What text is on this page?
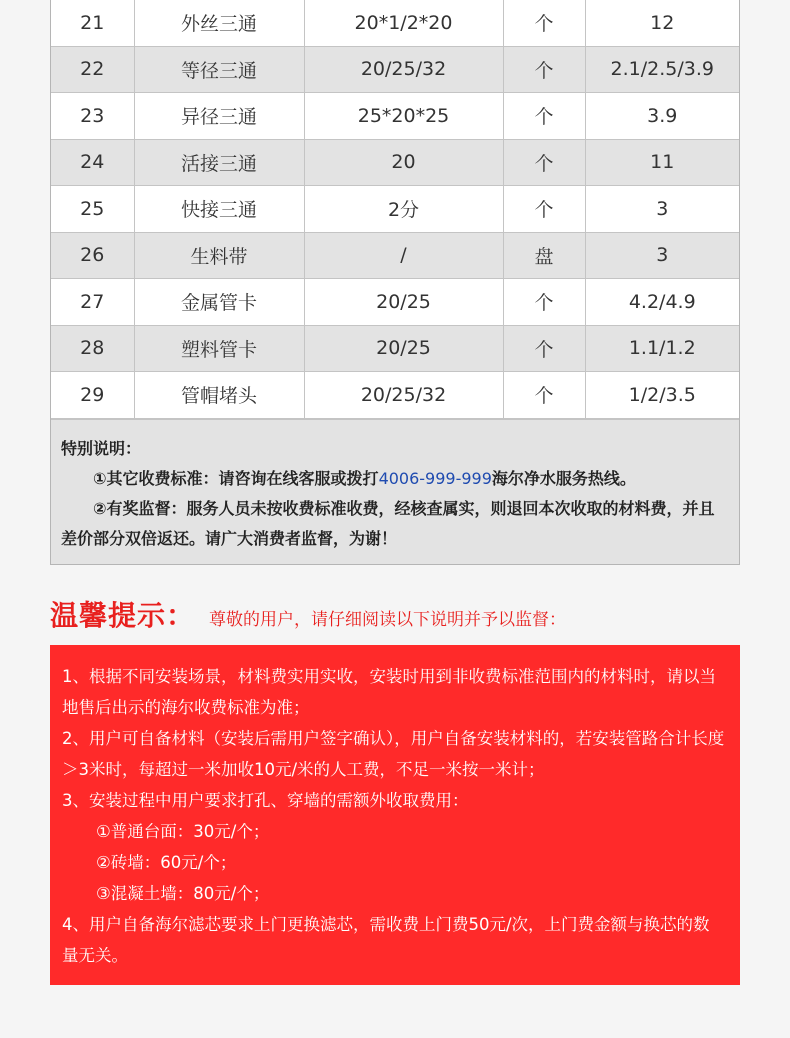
21	外丝三通	20*1/2*20	个	12
22	等径三通	20/25/32	个	2.1/2.5/3.9
23	异径三通	25*20*25	个	3.9
24	活接三通	20	个	11
25	快接三通	2分	个	3
26	生料带	/	盘	3
27	金属管卡	20/25	个	4.2/4.9
28	塑料管卡	20/25	个	1.1/1.2
29	管帽堵头	20/25/32	个	1/2/3.5
特别说明：
①其它收费标准：请咨询在线客服或拨打4006-999-999海尔净水服务热线。
②有奖监督：服务人员未按收费标准收费，经核查属实，则退回本次收取的材料费，并且差价部分双倍返还。请广大消费者监督，为谢！
温馨提示： 尊敬的用户，请仔细阅读以下说明并予以监督：
1、根据不同安装场景，材料费实用实收，安装时用到非收费标准范围内的材料时，请以当地售后出示的海尔收费标准为准；
2、用户可自备材料（安装后需用户签字确认），用户自备安装材料的，若安装管路合计长度＞3米时，每超过一米加收10元/米的人工费，不足一米按一米计；
3、安装过程中用户要求打孔、穿墙的需额外收取费用：
①普通台面：30元/个；
②砖墙：60元/个；
③混凝土墙：80元/个；
4、用户自备海尔滤芯要求上门更换滤芯，需收费上门费50元/次，上门费金额与换芯的数量无关。
